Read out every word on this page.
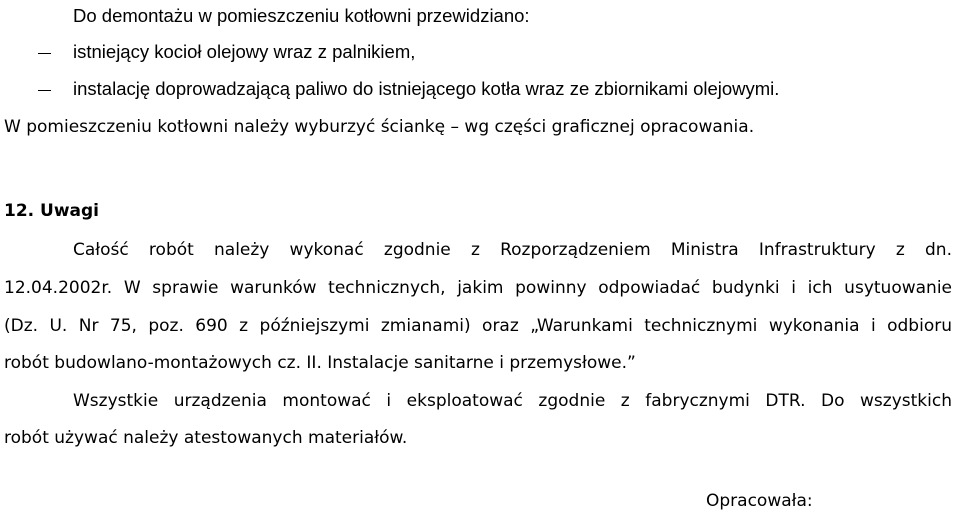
Do demontażu w pomieszczeniu kotłowni przewidziano:
istniejący kocioł olejowy wraz z palnikiem,
instalację doprowadzającą paliwo do istniejącego kotła wraz ze zbiornikami olejowymi.
W pomieszczeniu kotłowni należy wyburzyć ściankę – wg części graficznej opracowania.
12. Uwagi
Całość robót należy wykonać zgodnie z Rozporządzeniem Ministra Infrastruktury z dn.
12.04.2002r. W sprawie warunków technicznych, jakim powinny odpowiadać budynki i ich usytuowanie
(Dz. U. Nr 75, poz. 690 z późniejszymi zmianami) oraz „Warunkami technicznymi wykonania i odbioru
robót budowlano-montażowych cz. II. Instalacje sanitarne i przemysłowe.”
Wszystkie urządzenia montować i eksploatować zgodnie z fabrycznymi DTR. Do wszystkich
robót używać należy atestowanych materiałów.
Opracowała:
